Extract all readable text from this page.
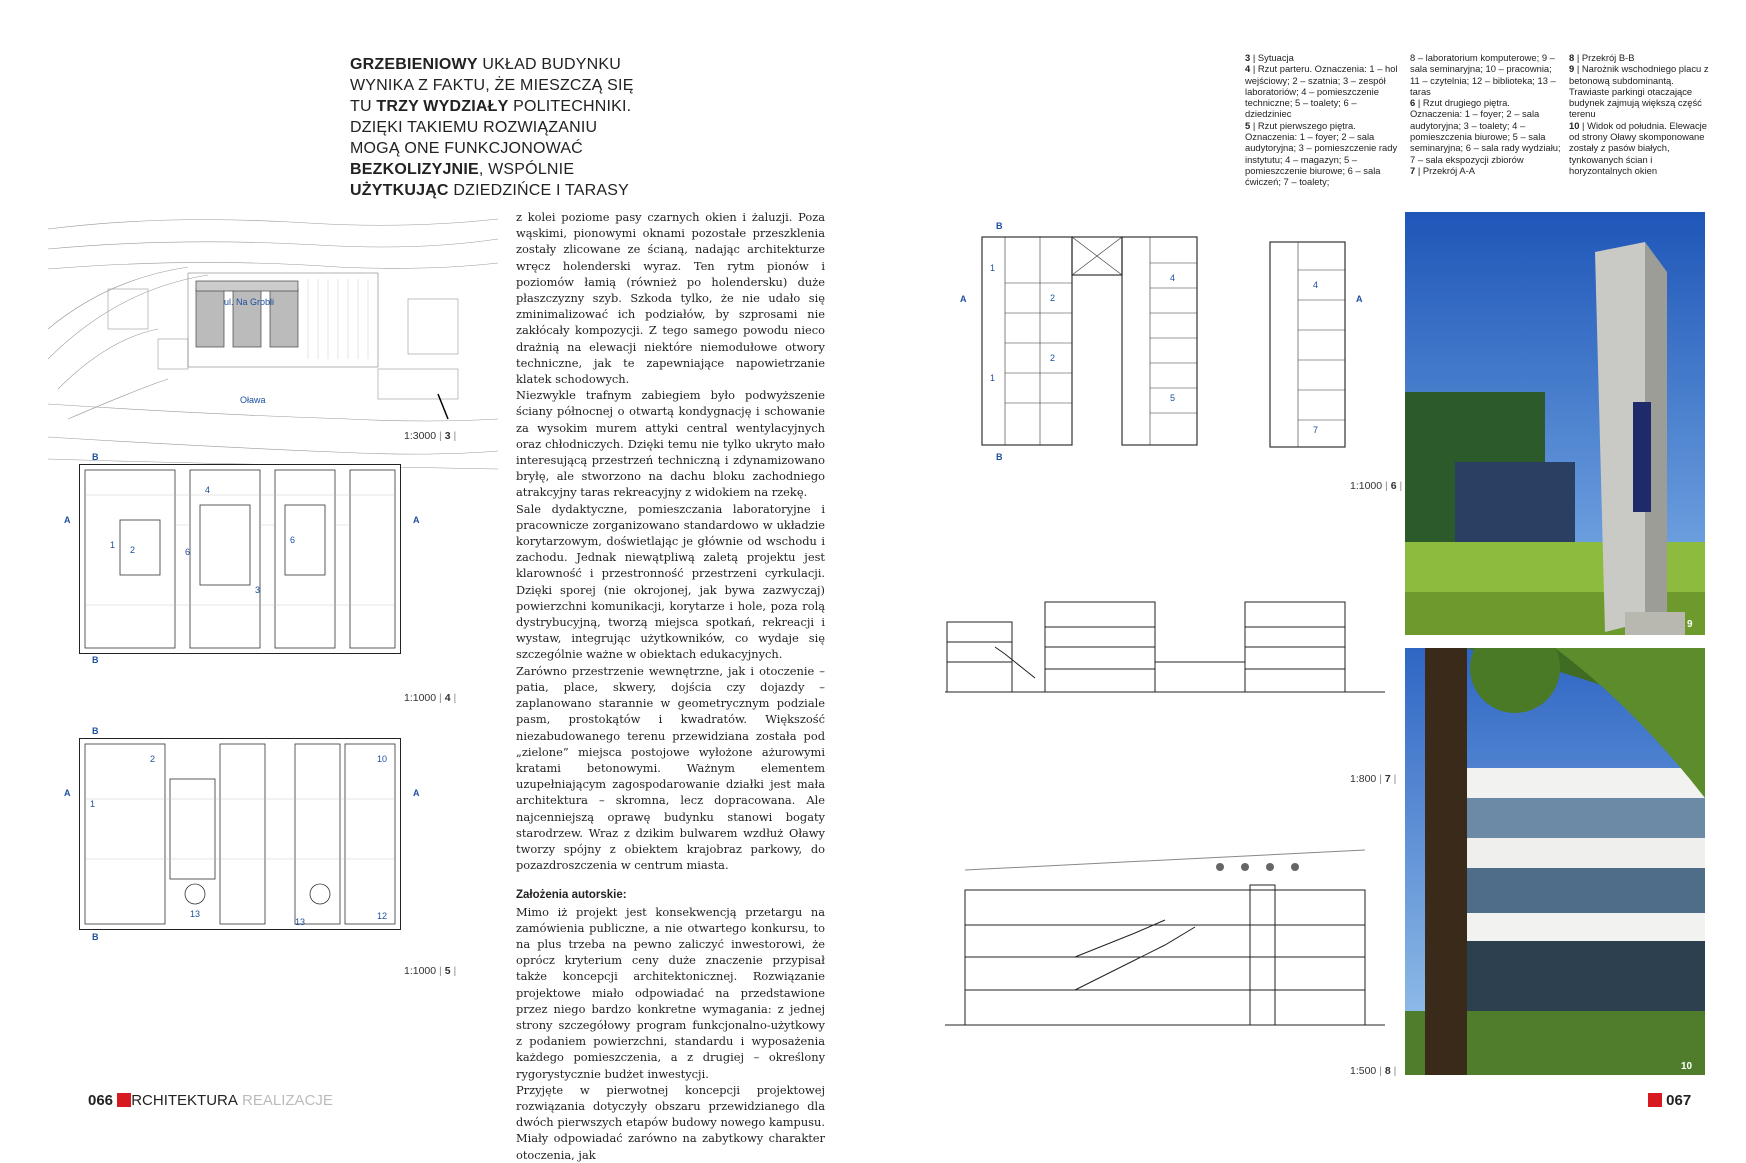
GRZEBIENIOWY UKŁAD BUDYNKU WYNIKA Z FAKTU, ŻE MIESZCZĄ SIĘ TU TRZY WYDZIAŁY POLITECHNIKI. DZIĘKI TAKIEMU ROZWIĄZANIU MOGĄ ONE FUNKCJONOWAĆ BEZKOLIZYJNIE, WSPÓLNIE UŻYTKUJĄC DZIEDZIŃCE I TARASY
ul. Na Grobli
Oława
1:3000 | 3 |
1 2	6
6
3
4
B
B
A	A
1:1000 | 4 |
1
2
13
13
10
12
B
B
A	A
1:1000 | 5 |

z kolei poziome pasy czarnych okien i żaluzji. Poza wąskimi, pionowymi oknami pozostałe przeszklenia zostały zlicowane ze ścianą, nadając architekturze wręcz holenderski wyraz. Ten rytm pionów i poziomów łamią (również po holendersku) duże płaszczyzny szyb. Szkoda tylko, że nie udało się zminimalizować ich podziałów, by szprosami nie zakłócały kompozycji. Z tego samego powodu nieco drażnią na elewacji niektóre niemodułowe otwory techniczne, jak te zapewniające napowietrzanie klatek schodowych.

Niezwykle trafnym zabiegiem było podwyższenie ściany północnej o otwartą kondygnację i schowanie za wysokim murem attyki central wentylacyjnych oraz chłodniczych. Dzięki temu nie tylko ukryto mało interesującą przestrzeń techniczną i zdynamizowano bryłę, ale stworzono na dachu bloku zachodniego atrakcyjny taras rekreacyjny z widokiem na rzekę.

Sale dydaktyczne, pomieszczania laboratoryjne i pracownicze zorganizowano standardowo w układzie korytarzowym, doświetlając je głównie od wschodu i zachodu. Jednak niewątpliwą zaletą projektu jest klarowność i przestronność przestrzeni cyrkulacji. Dzięki sporej (nie okrojonej, jak bywa zazwyczaj) powierzchni komunikacji, korytarze i hole, poza rolą dystrybucyjną, tworzą miejsca spotkań, rekreacji i wystaw, integrując użytkowników, co wydaje się szczególnie ważne w obiektach edukacyjnych.

Zarówno przestrzenie wewnętrzne, jak i otoczenie – patia, place, skwery, dojścia czy dojazdy – zaplanowano starannie w geometrycznym podziale pasm, prostokątów i kwadratów. Większość niezabudowanego terenu przewidziana została pod „zielone” miejsca postojowe wyłożone ażurowymi kratami betonowymi. Ważnym elementem uzupełniającym zagospodarowanie działki jest mała architektura – skromna, lecz dopracowana. Ale najcenniejszą oprawę budynku stanowi bogaty starodrzew. Wraz z dzikim bulwarem wzdłuż Oławy tworzy spójny z obiektem krajobraz parkowy, do pozazdroszczenia w centrum miasta.

Założenia autorskie:

Mimo iż projekt jest konsekwencją przetargu na zamówienia publiczne, a nie otwartego konkursu, to na plus trzeba na pewno zaliczyć inwestorowi, że oprócz kryterium ceny duże znaczenie przypisał także koncepcji architektonicznej. Rozwiązanie projektowe miało odpowiadać na przedstawione przez niego bardzo konkretne wymagania: z jednej strony szczegółowy program funkcjonalno-użytkowy z podaniem powierzchni, standardu i wyposażenia każdego pomieszczenia, a z drugiej – określony rygorystycznie budżet inwestycji.

Przyjęte w pierwotnej koncepcji projektowej rozwiązania dotyczyły obszaru przewidzianego dla dwóch pierwszych etapów budowy nowego kampusu. Miały odpowiadać zarówno na zabytkowy charakter otoczenia, jak

066 RCHITEKTURA REALIZACJE
3 | Sytuacja
4 | Rzut parteru. Oznaczenia: 1 – hol wejściowy; 2 – szatnia; 3 – zespół laboratoriów; 4 – pomieszczenie techniczne; 5 – toalety; 6 – dziedziniec
5 | Rzut pierwszego piętra. Oznaczenia: 1 – foyer; 2 – sala audytoryjna; 3 – pomieszczenie rady instytutu; 4 – magazyn; 5 – pomieszczenie biurowe; 6 – sala ćwiczeń; 7 – toalety;
8 – laboratorium komputerowe; 9 – sala seminaryjna; 10 – pracownia; 11 – czytelnia; 12 – biblioteka; 13 – taras
6 | Rzut drugiego piętra. Oznaczenia: 1 – foyer; 2 – sala audytoryjna; 3 – toalety; 4 – pomieszczenia biurowe; 5 – sala seminaryjna; 6 – sala rady wydziału; 7 – sala ekspozycji zbiorów
7 | Przekrój A-A
8 | Przekrój B-B
9 | Narożnik wschodniego placu z betonową subdominantą. Trawiaste parkingi otaczające budynek zajmują większą część terenu
10 | Widok od południa. Elewacje od strony Oławy skomponowane zostały z pasów białych, tynkowanych ścian i horyzontalnych okien
1
1
2
2
4
5
4
7
B
B
A	A
1:1000 | 6 |
1:800 | 7 |
1:500 | 8 |
9
10
067
